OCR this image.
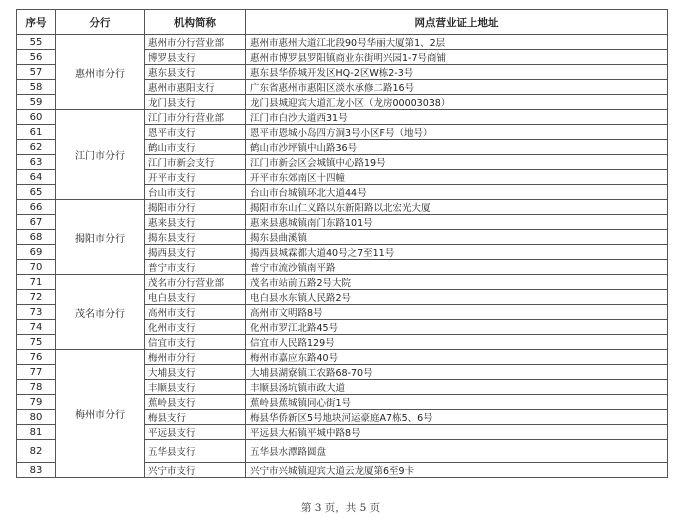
序号	分行	机构简称	网点营业证上地址
55	惠州市分行	惠州市分行营业部	惠州市惠州大道江北段90号华丽大厦第1、2层
56		博罗县支行	惠州市博罗县罗阳镇商业东街明兴园1-7号商铺
57		惠东县支行	惠东县华侨城开发区HQ-2区W栋2-3号
58		惠州市惠阳支行	广东省惠州市惠阳区淡水承修二路16号
59		龙门县支行	龙门县城迎宾大道汇龙小区（龙房00003038）
60	江门市分行	江门市分行营业部	江门市白沙大道西31号
61		恩平市支行	恩平市恩城小岛四方洞3号小区F号（地号）
62		鹤山市支行	鹤山市沙坪镇中山路36号
63		江门市新会支行	江门市新会区会城镇中心路19号
64		开平市支行	开平市东郊南区十四幢
65		台山市支行	台山市台城镇环北大道44号
66	揭阳市分行	揭阳市分行	揭阳市东山仁义路以东新阳路以北宏光大厦
67		惠来县支行	惠来县惠城镇南门东路101号
68		揭东县支行	揭东县曲溪镇
69		揭西县支行	揭西县城霖都大道40号之7至11号
70		普宁市支行	普宁市流沙镇南平路
71	茂名市分行	茂名市分行营业部	茂名市站前五路2号大院
72		电白县支行	电白县水东镇人民路2号
73		高州市支行	高州市文明路8号
74		化州市支行	化州市罗江北路45号
75		信宜市支行	信宜市人民路129号
76	梅州市分行	梅州市分行	梅州市嘉应东路40号
77		大埔县支行	大埔县湖寮镇工农路68-70号
78		丰顺县支行	丰顺县汤坑镇市政大道
79		蕉岭县支行	蕉岭县蕉城镇同心街1号
80		梅县支行	梅县华侨新区5号地块河运豪庭A7栋5、6号
81		平远县支行	平远县大柘镇平城中路8号
82		五华县支行	五华县水潭路圆盘
83		兴宁市支行	兴宁市兴城镇迎宾大道云龙厦第6至9卡
第 3 页，共 5 页
